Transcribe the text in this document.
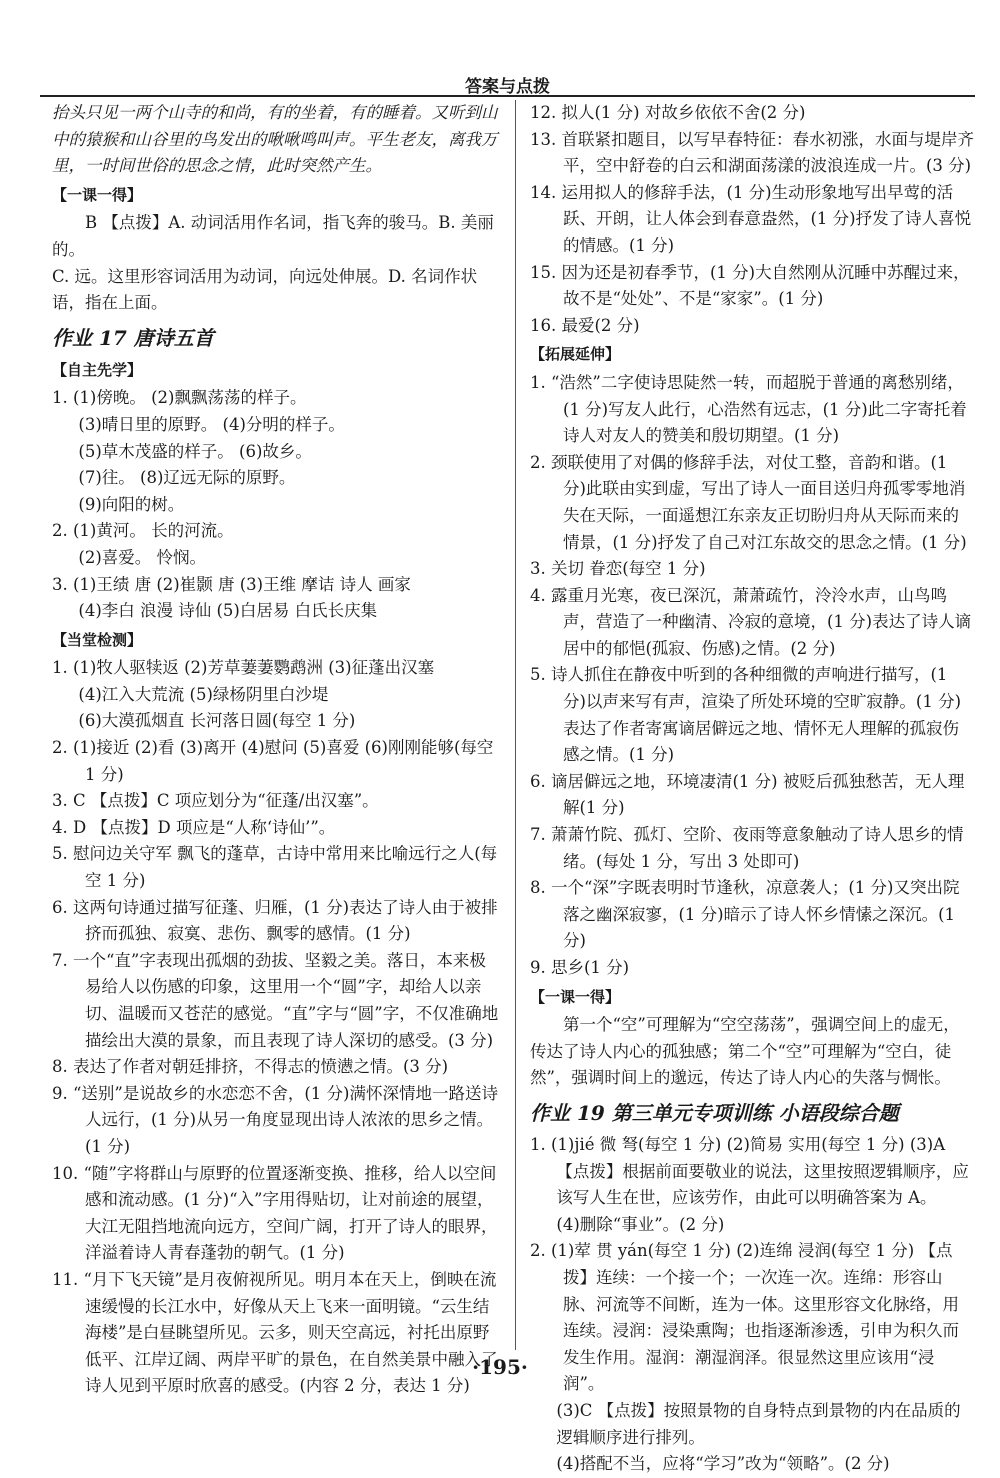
答案与点拨

抬头只见一两个山寺的和尚，有的坐着，有的睡着。又听到山中的猿猴和山谷里的鸟发出的啾啾鸣叫声。平生老友，离我万里，一时间世俗的思念之情，此时突然产生。

【一课一得】

B 【点拨】A. 动词活用作名词，指飞奔的骏马。B. 美丽的。

C. 远。这里形容词活用为动词，向远处伸展。D. 名词作状语，指在上面。

作业 17 唐诗五首

【自主先学】

1. (1)傍晚。 (2)飘飘荡荡的样子。

(3)晴日里的原野。 (4)分明的样子。

(5)草木茂盛的样子。 (6)故乡。

(7)往。 (8)辽远无际的原野。

(9)向阳的树。

2. (1)黄河。 长的河流。

(2)喜爱。 怜悯。

3. (1)王绩 唐 (2)崔颢 唐 (3)王维 摩诘 诗人 画家

(4)李白 浪漫 诗仙 (5)白居易 白氏长庆集

【当堂检测】

1. (1)牧人驱犊返 (2)芳草萋萋鹦鹉洲 (3)征蓬出汉塞

(4)江入大荒流 (5)绿杨阴里白沙堤

(6)大漠孤烟直 长河落日圆(每空 1 分)

2. (1)接近 (2)看 (3)离开 (4)慰问 (5)喜爱 (6)刚刚能够(每空 1 分)

3. C 【点拨】C 项应划分为“征蓬/出汉塞”。

4. D 【点拨】D 项应是“人称‘诗仙’”。

5. 慰问边关守军 飘飞的蓬草，古诗中常用来比喻远行之人(每空 1 分)

6. 这两句诗通过描写征蓬、归雁，(1 分)表达了诗人由于被排挤而孤独、寂寞、悲伤、飘零的感情。(1 分)

7. 一个“直”字表现出孤烟的劲拔、坚毅之美。落日，本来极易给人以伤感的印象，这里用一个“圆”字，却给人以亲切、温暖而又苍茫的感觉。“直”字与“圆”字，不仅准确地描绘出大漠的景象，而且表现了诗人深切的感受。(3 分)

8. 表达了作者对朝廷排挤，不得志的愤懑之情。(3 分)

9. “送别”是说故乡的水恋恋不舍，(1 分)满怀深情地一路送诗人远行，(1 分)从另一角度显现出诗人浓浓的思乡之情。(1 分)

10. “随”字将群山与原野的位置逐渐变换、推移，给人以空间感和流动感。(1 分)“入”字用得贴切，让对前途的展望，大江无阻挡地流向远方，空间广阔，打开了诗人的眼界，洋溢着诗人青春蓬勃的朝气。(1 分)

11. “月下飞天镜”是月夜俯视所见。明月本在天上，倒映在流速缓慢的长江水中，好像从天上飞来一面明镜。“云生结海楼”是白昼眺望所见。云多，则天空高远，衬托出原野低平、江岸辽阔、两岸平旷的景色，在自然美景中融入了诗人见到平原时欣喜的感受。(内容 2 分，表达 1 分)

12. 拟人(1 分) 对故乡依依不舍(2 分)

13. 首联紧扣题目，以写早春特征：春水初涨，水面与堤岸齐平，空中舒卷的白云和湖面荡漾的波浪连成一片。(3 分)

14. 运用拟人的修辞手法，(1 分)生动形象地写出早莺的活跃、开朗，让人体会到春意盎然，(1 分)抒发了诗人喜悦的情感。(1 分)

15. 因为还是初春季节，(1 分)大自然刚从沉睡中苏醒过来，故不是“处处”、不是“家家”。(1 分)

16. 最爱(2 分)

【拓展延伸】

1. “浩然”二字使诗思陡然一转，而超脱于普通的离愁别绪，(1 分)写友人此行，心浩然有远志，(1 分)此二字寄托着诗人对友人的赞美和殷切期望。(1 分)

2. 颈联使用了对偶的修辞手法，对仗工整，音韵和谐。(1 分)此联由实到虚，写出了诗人一面目送归舟孤零零地消失在天际，一面遥想江东亲友正切盼归舟从天际而来的情景，(1 分)抒发了自己对江东故交的思念之情。(1 分)

3. 关切 眷恋(每空 1 分)

4. 露重月光寒，夜已深沉，萧萧疏竹，泠泠水声，山鸟鸣声，营造了一种幽清、冷寂的意境，(1 分)表达了诗人谪居中的郁悒(孤寂、伤感)之情。(2 分)

5. 诗人抓住在静夜中听到的各种细微的声响进行描写，(1 分)以声来写有声，渲染了所处环境的空旷寂静。(1 分)表达了作者寄寓谪居僻远之地、情怀无人理解的孤寂伤感之情。(1 分)

6. 谪居僻远之地，环境凄清(1 分) 被贬后孤独愁苦，无人理解(1 分)

7. 萧萧竹院、孤灯、空阶、夜雨等意象触动了诗人思乡的情绪。(每处 1 分，写出 3 处即可)

8. 一个“深”字既表明时节逢秋，凉意袭人；(1 分)又突出院落之幽深寂寥，(1 分)暗示了诗人怀乡情愫之深沉。(1 分)

9. 思乡(1 分)

【一课一得】

第一个“空”可理解为“空空荡荡”，强调空间上的虚无，传达了诗人内心的孤独感；第二个“空”可理解为“空白，徒然”，强调时间上的邈远，传达了诗人内心的失落与惆怅。

作业 19 第三单元专项训练 小语段综合题

1. (1)jié 微 弩(每空 1 分) (2)简易 实用(每空 1 分) (3)A

【点拨】根据前面要敬业的说法，这里按照逻辑顺序，应该写人生在世，应该劳作，由此可以明确答案为 A。

(4)删除“事业”。(2 分)

2. (1)荤 贯 yán(每空 1 分) (2)连绵 浸润(每空 1 分) 【点拨】连续：一个接一个；一次连一次。连绵：形容山脉、河流等不间断，连为一体。这里形容文化脉络，用连续。浸润：浸染熏陶；也指逐渐渗透，引申为积久而发生作用。湿润：潮湿润泽。很显然这里应该用“浸润”。

(3)C 【点拨】按照景物的自身特点到景物的内在品质的逻辑顺序进行排列。

(4)搭配不当，应将“学习”改为“领略”。(2 分)

·195·
